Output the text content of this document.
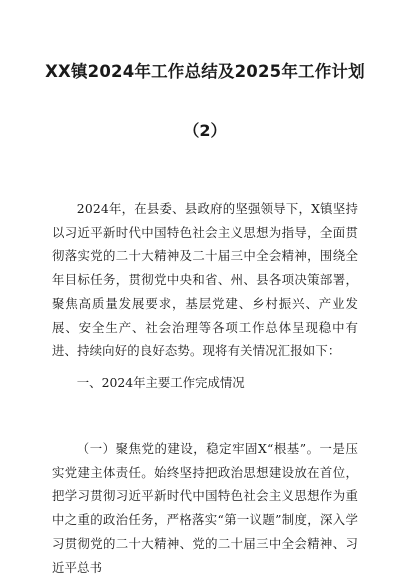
XX镇2024年工作总结及2025年工作计划
（2）

2024年，在县委、县政府的坚强领导下，X镇坚持以习近平新时代中国特色社会主义思想为指导，全面贯彻落实党的二十大精神及二十届三中全会精神，围绕全年目标任务，贯彻党中央和省、州、县各项决策部署，聚焦高质量发展要求，基层党建、乡村振兴、产业发展、安全生产、社会治理等各项工作总体呈现稳中有进、持续向好的良好态势。现将有关情况汇报如下：

一、2024年主要工作完成情况

（一）聚焦党的建设，稳定牢固X“根基”。一是压实党建主体责任。始终坚持把政治思想建设放在首位，把学习贯彻习近平新时代中国特色社会主义思想作为重中之重的政治任务，严格落实“第一议题”制度，深入学习贯彻党的二十大精神、党的二十届三中全会精神、习近平总书
